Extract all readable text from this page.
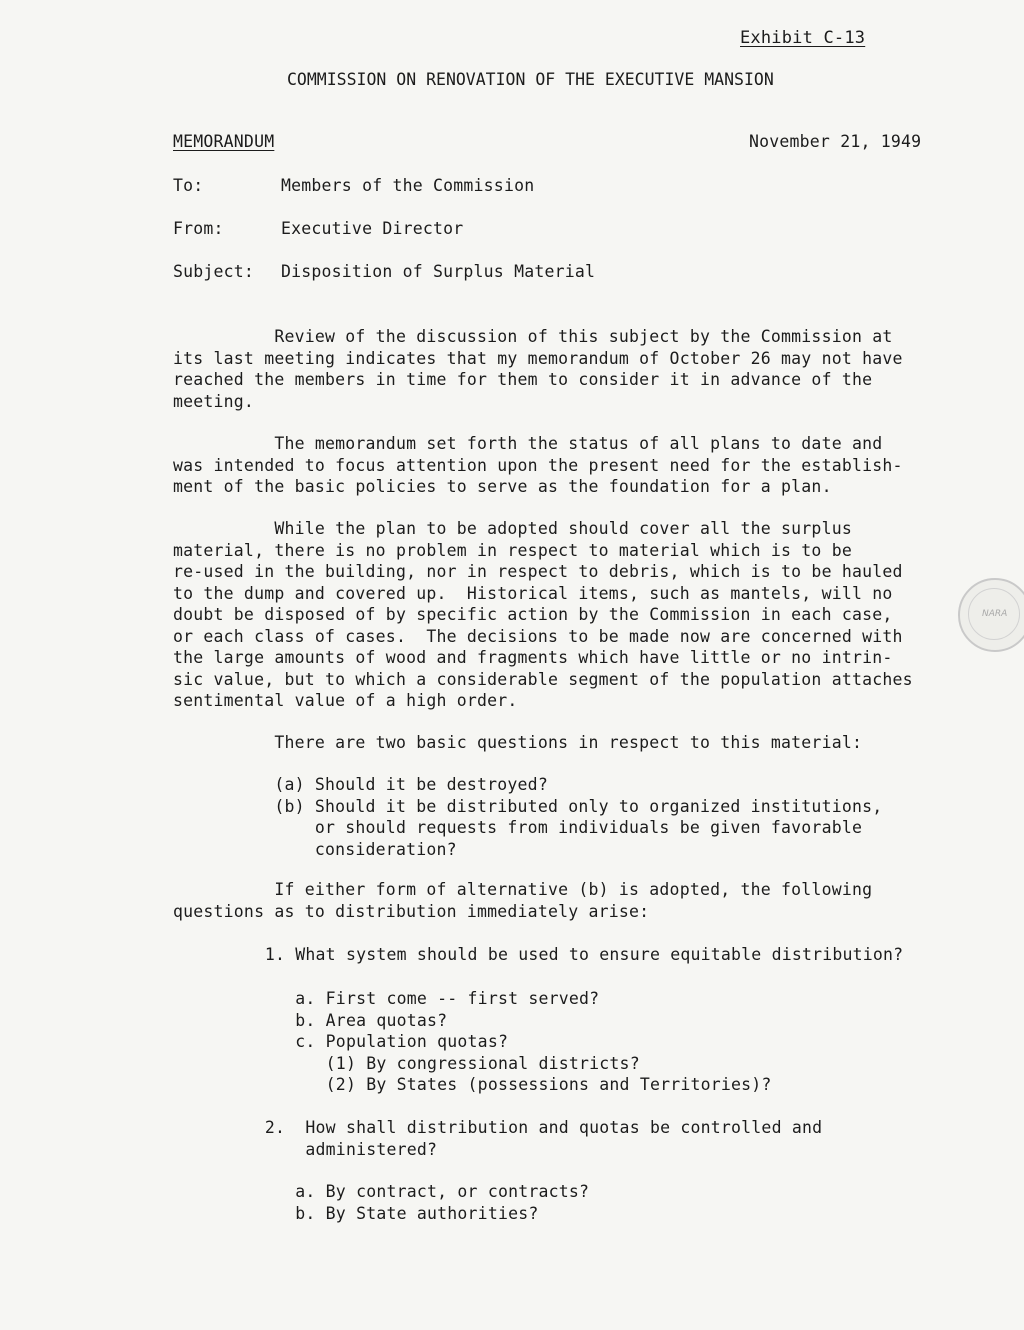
Exhibit C-13
COMMISSION ON RENOVATION OF THE EXECUTIVE MANSION
MEMORANDUM	November 21, 1949
To:	Members of the Commission
From:	Executive Director
Subject: Disposition of Surplus Material
Review of the discussion of this subject by the Commission at
its last meeting indicates that my memorandum of October 26 may not have
reached the members in time for them to consider it in advance of the
meeting.
The memorandum set forth the status of all plans to date and
was intended to focus attention upon the present need for the establish-
ment of the basic policies to serve as the foundation for a plan.
While the plan to be adopted should cover all the surplus
material, there is no problem in respect to material which is to be
re-used in the building, nor in respect to debris, which is to be hauled
to the dump and covered up.  Historical items, such as mantels, will no
doubt be disposed of by specific action by the Commission in each case,
or each class of cases.  The decisions to be made now are concerned with
the large amounts of wood and fragments which have little or no intrin-
sic value, but to which a considerable segment of the population attaches
sentimental value of a high order.
There are two basic questions in respect to this material:
(a) Should it be destroyed?
(b) Should it be distributed only to organized institutions,
or should requests from individuals be given favorable
consideration?
If either form of alternative (b) is adopted, the following
questions as to distribution immediately arise:
1. What system should be used to ensure equitable distribution?
a. First come -- first served?
b. Area quotas?
c. Population quotas?
(1) By congressional districts?
(2) By States (possessions and Territories)?
2.  How shall distribution and quotas be controlled and
administered?
a. By contract, or contracts?
b. By State authorities?
NARA
